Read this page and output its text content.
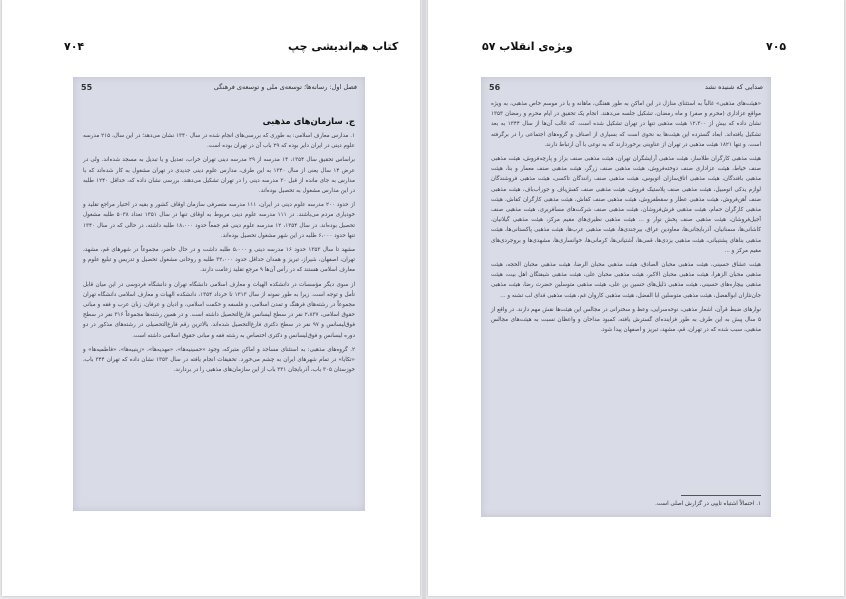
۷۰۴	کتاب هم‌اندیشی چپ
فصل اول: رسانه‌ها؛ توسعه‌ی ملی و توسعه‌ی فرهنگی
55
ج. سازمان‌های مذهبی

۱. مدارس معارف اسلامی: به طوری که بررسی‌های انجام شده در سال ۱۳۴۰ نشان می‌دهد؛ در این سال، ۲۱۵ مدرسه علوم دینی در ایران دایر بوده که ۲۹ باب آن در تهران بوده است.

براساس تحقیق سال ۱۳۵۴، ۱۴ مدرسه از ۲۹ مدرسه دینی تهران خراب، تعدیل و یا تبدیل به مسجد شده‌اند. ولی در عرض ۱۴ سال یعنی از سال ۱۳۴۰ به این طرف، مدارس علوم دینی جدیدی در تهران مشغول به کار شده‌اند که با مدارس به جای مانده از قبل ۳۰ مدرسه دینی را در تهران تشکیل می‌دهند. بررسی نشان داده که، حداقل ۱۲۴۰ طلبه در این مدارس مشغول به تحصیل بوده‌اند.

از حدود ۲۰۰ مدرسه علوم دینی در ایران، ۱۱۱ مدرسه متصرفی سازمان اوقاف کشور و بقیه در اختیار مراجع تقلید و خودیاری مردم می‌باشند. در ۱۱۱ مدرسه علوم دینی مربوط به اوقاف تنها در سال ۱۳۵۱ تعداد ۵۰۳۸ طلبه مشغول تحصیل بوده‌اند. در سال ۱۳۵۴، ۱۲ مدرسه علوم دینی قم جمعاً حدود ۱۸،۰۰۰ طلبه داشته، در حالی که در سال ۱۳۴۰ تنها حدود ۶،۰۰۰ طلبه در این شهر مشغول تحصیل بوده‌اند.

مشهد تا سال ۱۳۵۳ حدود ۱۶ مدرسه دینی و ۵،۰۰۰ طلبه داشت و در حال حاضر، مجموعاً در شهرهای قم، مشهد، تهران، اصفهان، شیراز، تبریز و همدان حداقل حدود ۳۲،۰۰۰ طلبه و روحانی مشغول تحصیل و تدریس و تبلیغ علوم و معارف اسلامی هستند که در رأس آن‌ها ۹ مرجع تقلید زعامت دارند.

از سوی دیگر مؤسسات در دانشکده الهیات و معارف اسلامی دانشگاه تهران و دانشگاه فردوسی در این میان قابل تأمل و توجه است. زیرا به طور نمونه از سال ۱۳۱۳ تا خرداد ۱۳۵۴، دانشکده الهیات و معارف اسلامی دانشگاه تهران مجموعاً در رشته‌های فرهنگ و تمدن اسلامی، و فلسفه و حکمت اسلامی، و ادیان و عرفان، زبان عرب و فقه و مبانی حقوق اسلامی، ۲،۸۳۷ نفر در سطح لیسانس فارغ‌التحصیل داشته است. و در همین رشته‌ها مجموعاً ۳۱۶ نفر در سطح فوق‌لیسانس و ۹۷ نفر در سطح دکتری فارغ‌التحصیل شده‌اند. بالاترین رقم فارغ‌التحصیلی در رشته‌های مذکور در دو دوره لیسانس و فوق‌لیسانس و دکتری اختصاص به رشته فقه و مبانی حقوق اسلامی داشته است.

۲. گروه‌های مذهبی: به استثنای مساجد و اماکن متبرکه، وجود «حسینیه‌ها»، «مهدیه‌ها»، «زینبیه‌ها»، «فاطمیه‌ها» و «تکایا» در تمام شهرهای ایران به چشم می‌خورد. تحقیقات انجام یافته در سال ۱۳۵۳ نشان داده که تهران ۳۴۴ باب، خوزستان ۳۰۵ باب، آذربایجان ۳۳۱ باب از این سازمان‌های مذهبی را در بردارند.

ویژه‌ی انقلاب ۵۷	۷۰۵
صدایی که شنیده نشد
56

«هیئت‌های مذهبی» غالباً به استثنای منازل در این اماکن به طور هفتگی، ماهانه و یا در موسم خاص مذهبی، به ویژه مواقع عزاداری (محرم و صفر) و ماه رمضان، تشکیل جلسه می‌دهند. انجام یک تحقیق در ایام محرم و رمضان ۱۳۵۳ نشان داده که بیش از ۱۲،۳۰۰ هیئت مذهبی تنها در تهران تشکیل شده است. که غالب آن‌ها از سال ۱۳۴۴ به بعد تشکیل یافته‌اند. ابعاد گسترده این هیئت‌ها به نحوی است که بسیاری از اصناف و گروه‌های اجتماعی را در برگرفته است. و تنها ۱۸۲۱ هیئت مذهبی در تهران از عناوینی برخوردارند که به نوعی با آن ارتباط دارند.

هیئت مذهبی کارگران طلاساز، هیئت مذهبی آرایشگران تهران، هیئت مذهبی صنف بزاز و پارچه‌فروش، هیئت مذهبی صنف خیاط، هیئت عزاداری صنف دوخته‌فروش، هیئت مذهبی صنف زرگر، هیئت مذهبی صنف معمار و بنا، هیئت مذهبی بافندگان، هیئت مذهبی اتاق‌سازان اتوبوس، هیئت مذهبی صنف رانندگان تاکسی، هیئت مذهبی فروشندگان لوازم یدکی اتومبیل، هیئت مذهبی صنف پلاستیک فروش، هیئت مذهبی صنف کفش‌باف و جوراب‌باف، هیئت مذهبی صنف آهن‌فروش، هیئت مذهبی عطار و سقطفروش، هیئت مذهبی صنف کفاش، هیئت مذهبی کارگران کفاش، هیئت مذهبی کارگران حمام، هیئت مذهبی فرش‌فروشان، هیئت مذهبی صنف شرکت‌های مسافربری، هیئت مذهبی صنف آجیل‌فروشان، هیئت مذهبی صنف پخش نوار و ... هیئت مذهبی نظیری‌های مقیم مرکز، هیئت مذهبی گیلانیان، کاشانی‌ها، سمنانیان، آذربایجانی‌ها، معاودین عراق، بیرجندی‌ها، هیئت مذهبی عرب‌ها، هیئت مذهبی پاکستانی‌ها، هیئت مذهبی بناهای پشتیبانی، هیئت مذهبی یزدی‌ها، قمی‌ها، آشتیانی‌ها، کرمانی‌ها، خوانساری‌ها، مشهدی‌ها و بروجردی‌های مقیم مرکز و ...

هیئت عشاق حسینی، هیئت مذهبی محبان الصادق، هیئت مذهبی محبان الرضا، هیئت مذهبی محبان الحجه، هیئت مذهبی محبان الزهرا، هیئت مذهبی محبان الاکبر، هیئت مذهبی محبان علی، هیئت مذهبی شیفتگان اهل بیت، هیئت مذهبی بیچاره‌های حسینی، هیئت مذهبی ذلیل‌های حسین بن علی، هیئت مذهبی متوسلین حضرت رضا، هیئت مذهبی جان‌نثاران ابوالفضل، هیئت مذهبی متوسلین ابا الفضل، هیئت مذهبی کاروان غم، هیئت مذهبی فدای لب تشنه و ...

نوارهای ضبط قرآن، اشعار مذهبی، نوحه‌سرایی، وعظ و سخنرانی در مجالس این هیئت‌ها نقش مهم دارند. در واقع از ۵ سال پیش به این طرف به طور فزاینده‌ای گسترش یافته، کمبود مداحان و واعظان نسبت به هیئت‌های مجالس مذهبی، سبب شده که در تهران، قم، مشهد، تبریز و اصفهان پیدا شود.

۱. احتمالاً اشتباه تایپی در گزارش اصلی است.
